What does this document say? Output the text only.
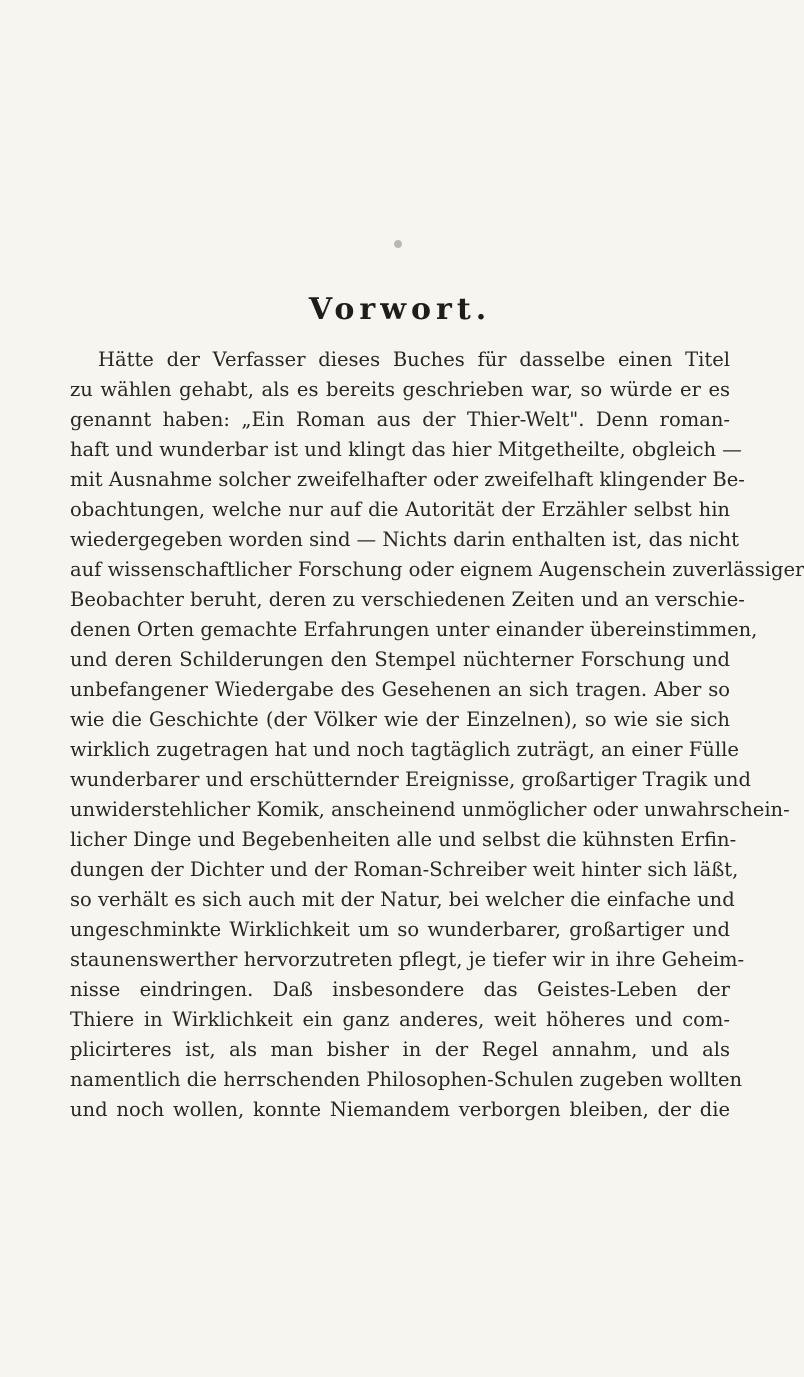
Vorwort.
Hätte der Verfasser dieses Buches für dasselbe einen Titel
zu wählen gehabt, als es bereits geschrieben war, so würde er es
genannt haben: „Ein Roman aus der Thier-Welt". Denn roman-
haft und wunderbar ist und klingt das hier Mitgetheilte, obgleich —
mit Ausnahme solcher zweifelhafter oder zweifelhaft klingender Be-
obachtungen, welche nur auf die Autorität der Erzähler selbst hin
wiedergegeben worden sind — Nichts darin enthalten ist, das nicht
auf wissenschaftlicher Forschung oder eignem Augenschein zuverlässiger
Beobachter beruht, deren zu verschiedenen Zeiten und an verschie-
denen Orten gemachte Erfahrungen unter einander übereinstimmen,
und deren Schilderungen den Stempel nüchterner Forschung und
unbefangener Wiedergabe des Gesehenen an sich tragen. Aber so
wie die Geschichte (der Völker wie der Einzelnen), so wie sie sich
wirklich zugetragen hat und noch tagtäglich zuträgt, an einer Fülle
wunderbarer und erschütternder Ereignisse, großartiger Tragik und
unwiderstehlicher Komik, anscheinend unmöglicher oder unwahrschein-
licher Dinge und Begebenheiten alle und selbst die kühnsten Erfin-
dungen der Dichter und der Roman-Schreiber weit hinter sich läßt,
so verhält es sich auch mit der Natur, bei welcher die einfache und
ungeschminkte Wirklichkeit um so wunderbarer, großartiger und
staunenswerther hervorzutreten pflegt, je tiefer wir in ihre Geheim-
nisse eindringen. Daß insbesondere das Geistes-Leben der
Thiere in Wirklichkeit ein ganz anderes, weit höheres und com-
plicirteres ist, als man bisher in der Regel annahm, und als
namentlich die herrschenden Philosophen-Schulen zugeben wollten
und noch wollen, konnte Niemandem verborgen bleiben, der die
